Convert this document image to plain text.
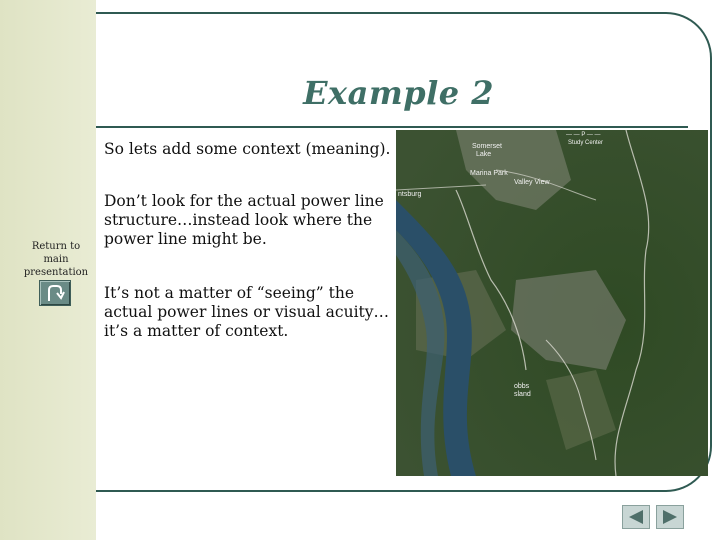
Example 2
So lets add some context (meaning).
Don’t look for the actual power line structure…instead look where the power line might be.
It’s not a matter of “seeing” the actual power lines or visual acuity…it’s a matter of context.
Return to main presentation
Somerset
Lake
Marina Park
Valley View
— — P — —
Study Center
ntsburg
obbs
sland
